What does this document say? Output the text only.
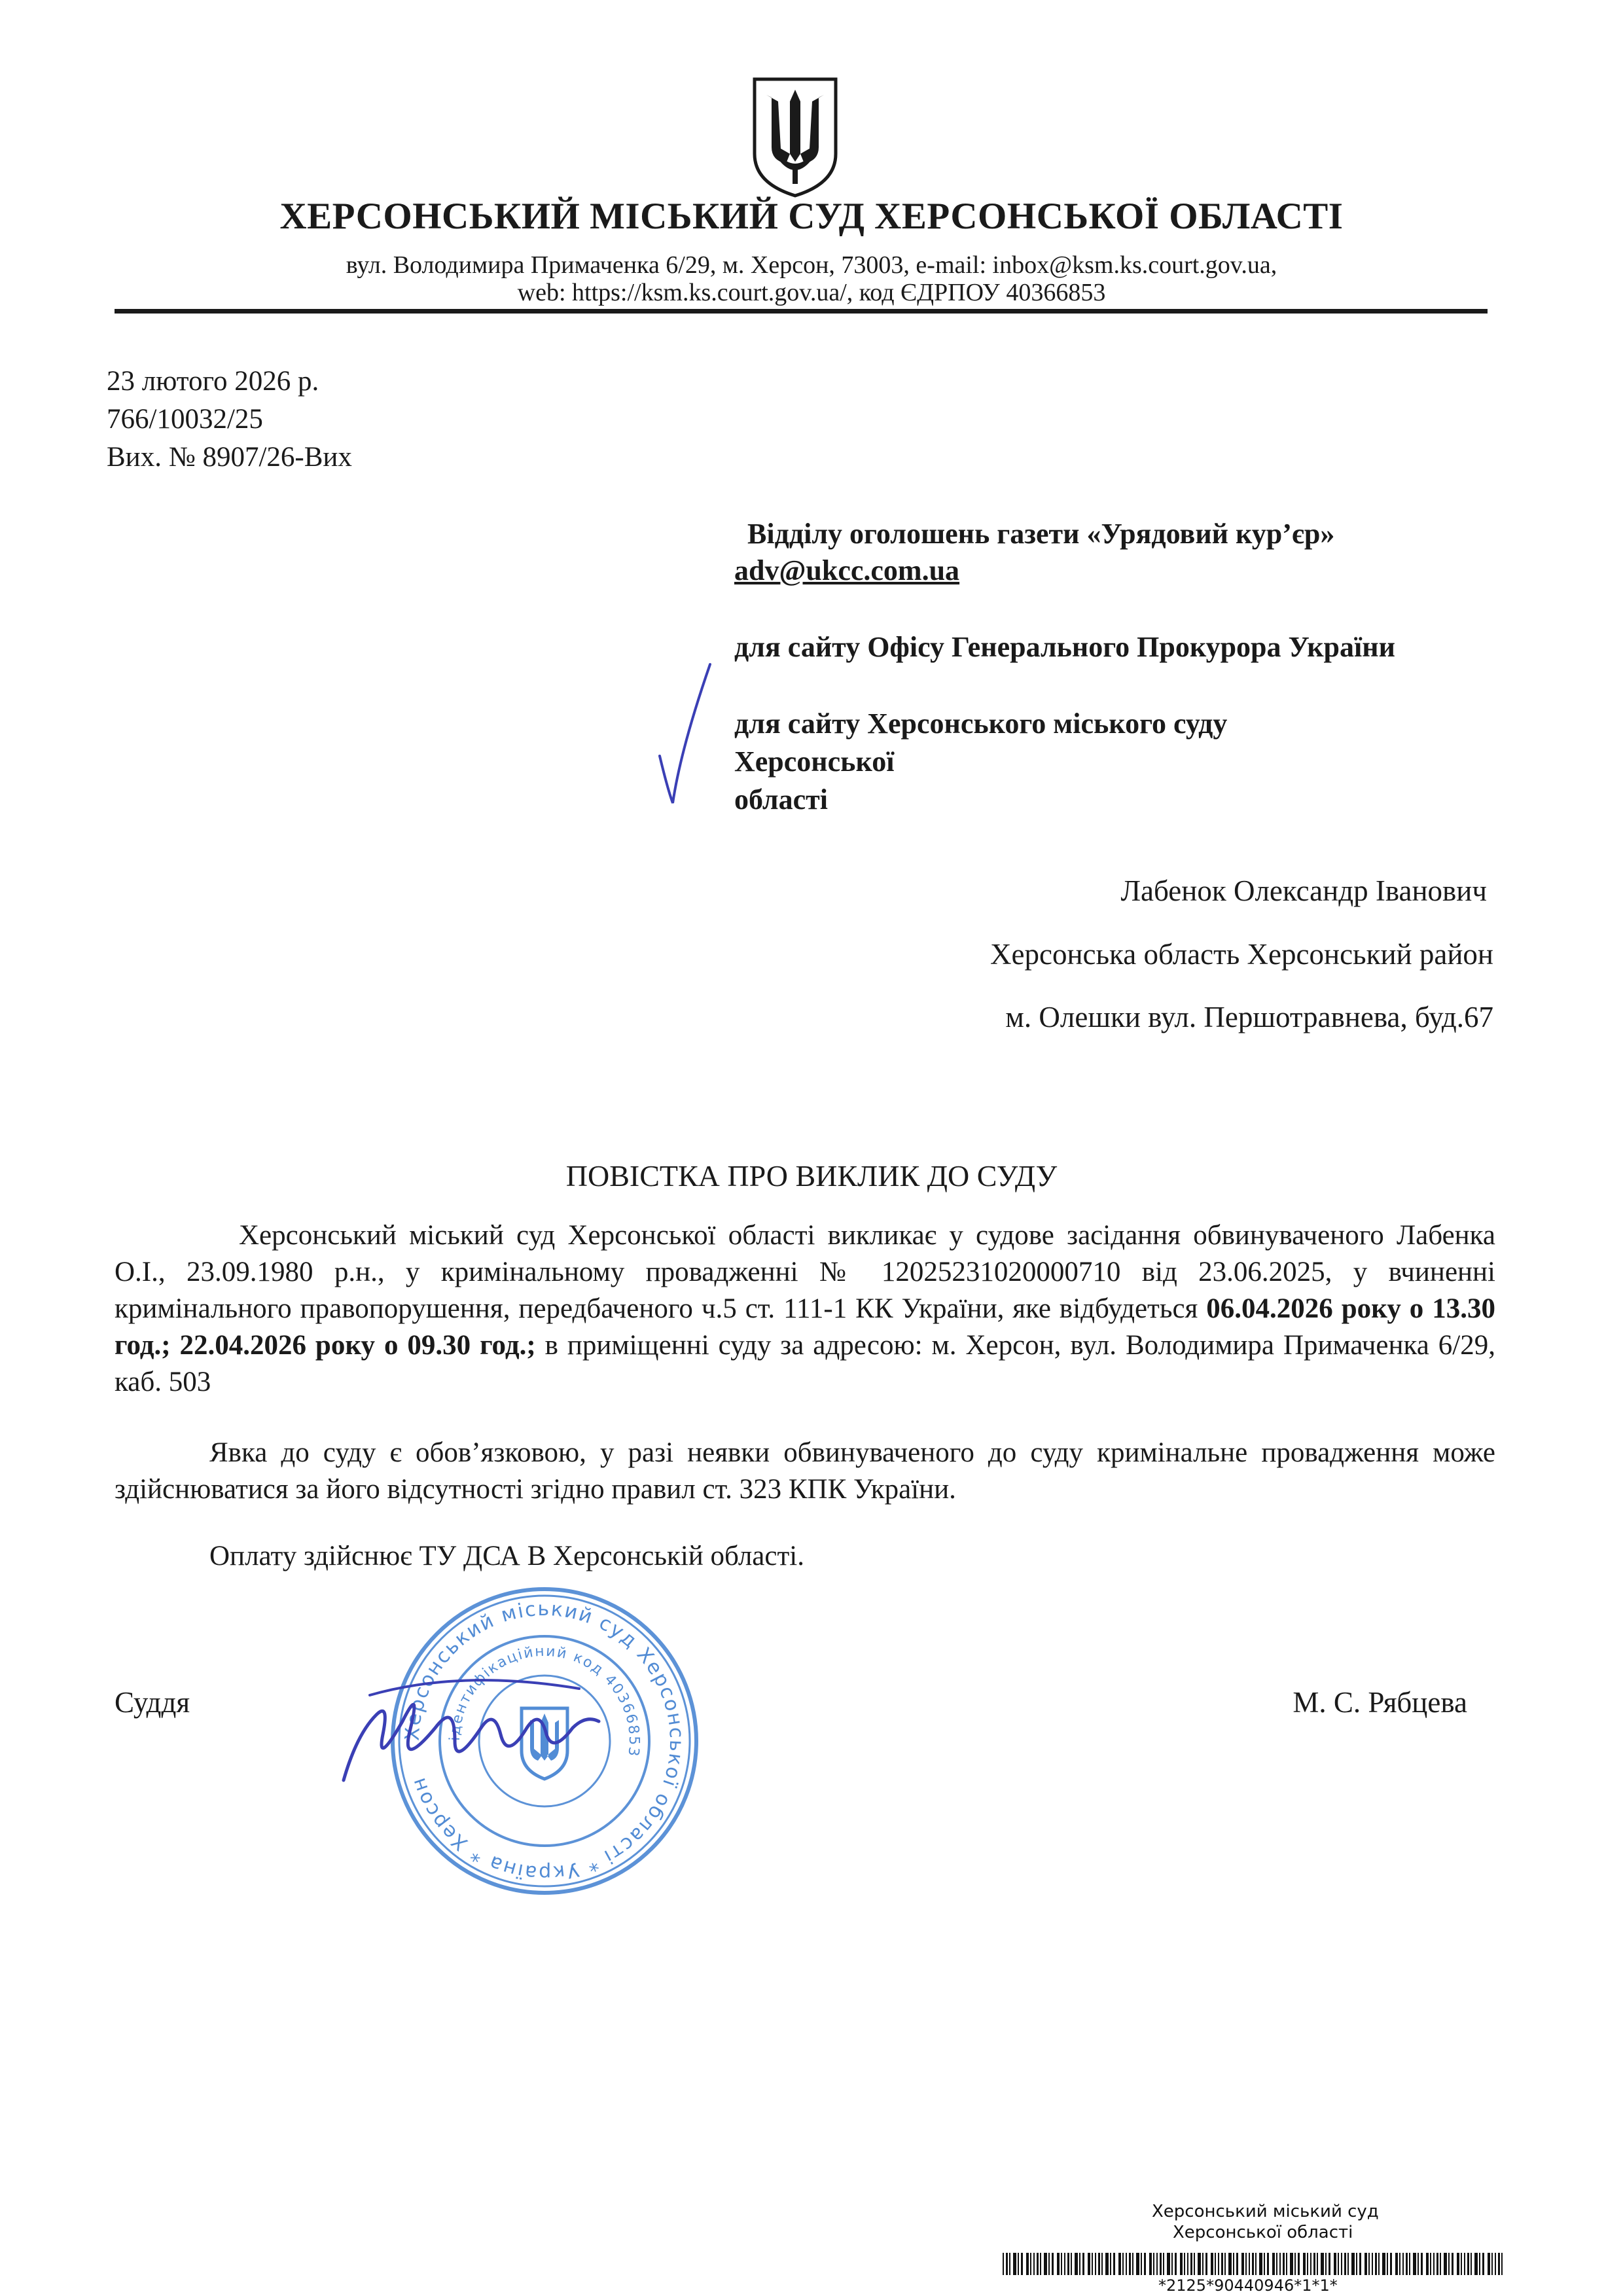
ХЕРСОНСЬКИЙ МІСЬКИЙ СУД ХЕРСОНСЬКОЇ ОБЛАСТІ
вул. Володимира Примаченка 6/29, м. Херсон, 73003, e-mail: inbox@ksm.ks.court.gov.ua,
web: https://ksm.ks.court.gov.ua/, код ЄДРПОУ 40366853
23 лютого 2026 р.
766/10032/25
Вих. № 8907/26-Вих
Відділу оголошень газети «Урядовий кур’єр»
adv@ukcc.com.ua
для сайту Офісу Генерального Прокурора України
для сайту Херсонського міського суду
Херсонської
області
Лабенок Олександр Іванович
Херсонська область Херсонський район
м. Олешки вул. Першотравнева, буд.67
ПОВІСТКА ПРО ВИКЛИК ДО СУДУ
Херсонський міський суд Херсонської області викликає у судове засідання обвинуваченого Лабенка О.І., 23.09.1980 р.н., у кримінальному провадженні № 12025231020000710 від 23.06.2025, у вчиненні кримінального правопорушення, передбаченого ч.5 ст. 111-1 КК України, яке відбудеться 06.04.2026 року о 13.30 год.; 22.04.2026 року о 09.30 год.; в приміщенні суду за адресою: м. Херсон, вул. Володимира Примаченка 6/29, каб. 503
Явка до суду є обов’язковою, у разі неявки обвинуваченого до суду кримінальне провадження може здійснюватися за його відсутності згідно правил ст. 323 КПК України.
Оплату здійснює ТУ ДСА В Херсонській області.
Суддя	М. С. Рябцева
Херсонський міський суд Херсонської області * Україна * Херсон
ідентифікаційний код 40366853
Херсонський міський суд
Херсонської області
*2125*90440946*1*1*
